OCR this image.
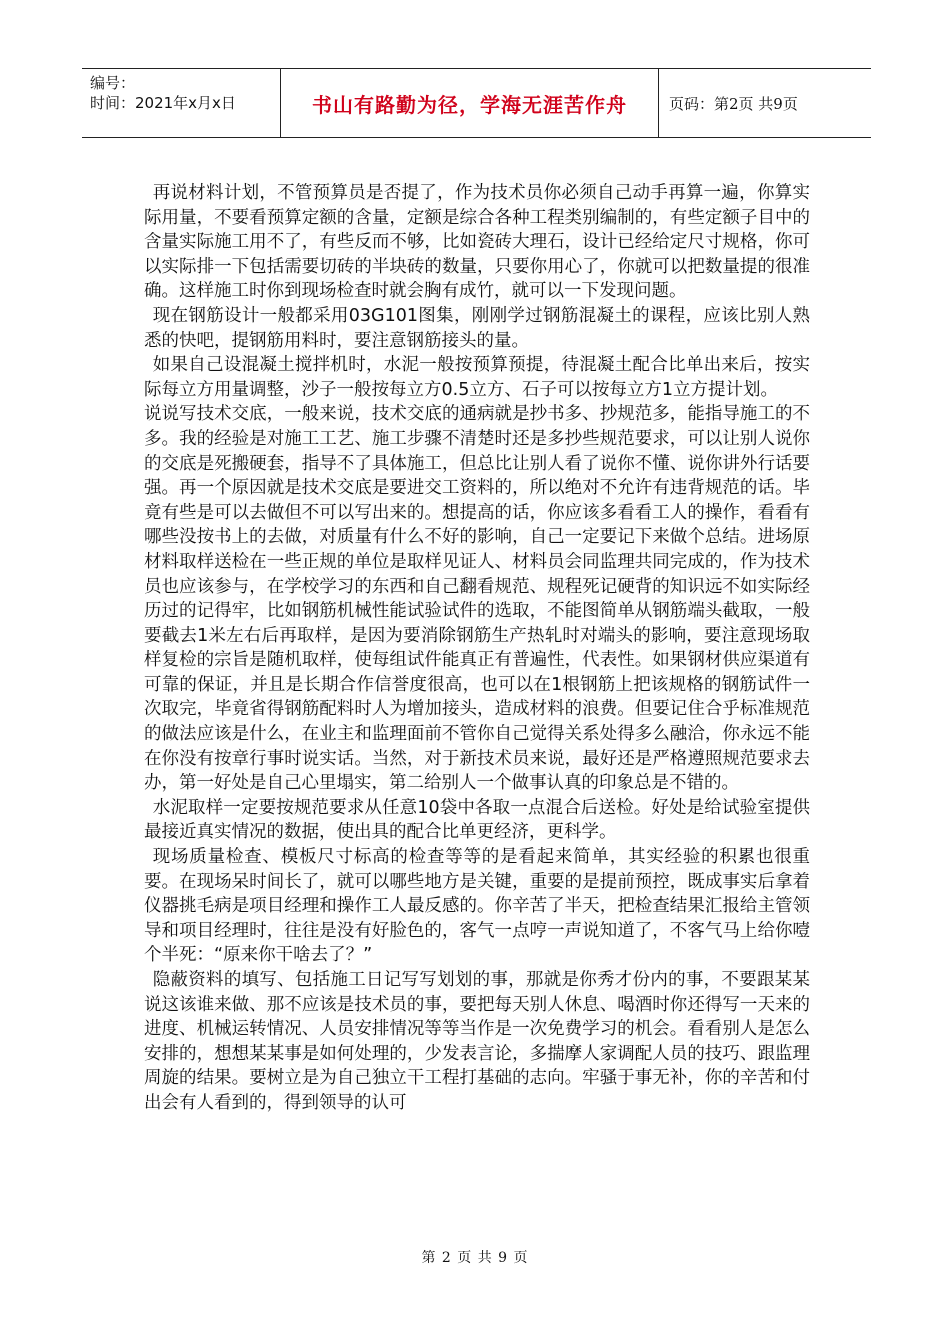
编号：
时间：2021年x月x日	书山有路勤为径，学海无涯苦作舟	页码：第2页 共9页

再说材料计划，不管预算员是否提了，作为技术员你必须自己动手再算一遍，你算实际用量，不要看预算定额的含量，定额是综合各种工程类别编制的，有些定额子目中的含量实际施工用不了，有些反而不够，比如瓷砖大理石，设计已经给定尺寸规格，你可以实际排一下包括需要切砖的半块砖的数量，只要你用心了，你就可以把数量提的很准确。这样施工时你到现场检查时就会胸有成竹，就可以一下发现问题。

现在钢筋设计一般都采用03G101图集，刚刚学过钢筋混凝土的课程，应该比别人熟悉的快吧，提钢筋用料时，要注意钢筋接头的量。

如果自己设混凝土搅拌机时，水泥一般按预算预提，待混凝土配合比单出来后，按实际每立方用量调整，沙子一般按每立方0.5立方、石子可以按每立方1立方提计划。

说说写技术交底，一般来说，技术交底的通病就是抄书多、抄规范多，能指导施工的不多。我的经验是对施工工艺、施工步骤不清楚时还是多抄些规范要求，可以让别人说你的交底是死搬硬套，指导不了具体施工，但总比让别人看了说你不懂、说你讲外行话要强。再一个原因就是技术交底是要进交工资料的，所以绝对不允许有违背规范的话。毕竟有些是可以去做但不可以写出来的。想提高的话，你应该多看看工人的操作，看看有哪些没按书上的去做，对质量有什么不好的影响，自己一定要记下来做个总结。进场原材料取样送检在一些正规的单位是取样见证人、材料员会同监理共同完成的，作为技术员也应该参与，在学校学习的东西和自己翻看规范、规程死记硬背的知识远不如实际经历过的记得牢，比如钢筋机械性能试验试件的选取，不能图简单从钢筋端头截取，一般要截去1米左右后再取样，是因为要消除钢筋生产热轧时对端头的影响，要注意现场取样复检的宗旨是随机取样，使每组试件能真正有普遍性，代表性。如果钢材供应渠道有可靠的保证，并且是长期合作信誉度很高，也可以在1根钢筋上把该规格的钢筋试件一次取完，毕竟省得钢筋配料时人为增加接头，造成材料的浪费。但要记住合乎标准规范的做法应该是什么，在业主和监理面前不管你自己觉得关系处得多么融洽，你永远不能在你没有按章行事时说实话。当然，对于新技术员来说，最好还是严格遵照规范要求去办，第一好处是自己心里塌实，第二给别人一个做事认真的印象总是不错的。

水泥取样一定要按规范要求从任意10袋中各取一点混合后送检。好处是给试验室提供最接近真实情况的数据，使出具的配合比单更经济，更科学。

现场质量检查、模板尺寸标高的检查等等的是看起来简单，其实经验的积累也很重要。在现场呆时间长了，就可以哪些地方是关键，重要的是提前预控，既成事实后拿着仪器挑毛病是项目经理和操作工人最反感的。你辛苦了半天，把检查结果汇报给主管领导和项目经理时，往往是没有好脸色的，客气一点哼一声说知道了，不客气马上给你噎个半死：“原来你干啥去了？”

隐蔽资料的填写、包括施工日记写写划划的事，那就是你秀才份内的事，不要跟某某说这该谁来做、那不应该是技术员的事，要把每天别人休息、喝酒时你还得写一天来的进度、机械运转情况、人员安排情况等等当作是一次免费学习的机会。看看别人是怎么安排的，想想某某事是如何处理的，少发表言论，多揣摩人家调配人员的技巧、跟监理周旋的结果。要树立是为自己独立干工程打基础的志向。牢骚于事无补，你的辛苦和付出会有人看到的，得到领导的认可

第 2 页 共 9 页
